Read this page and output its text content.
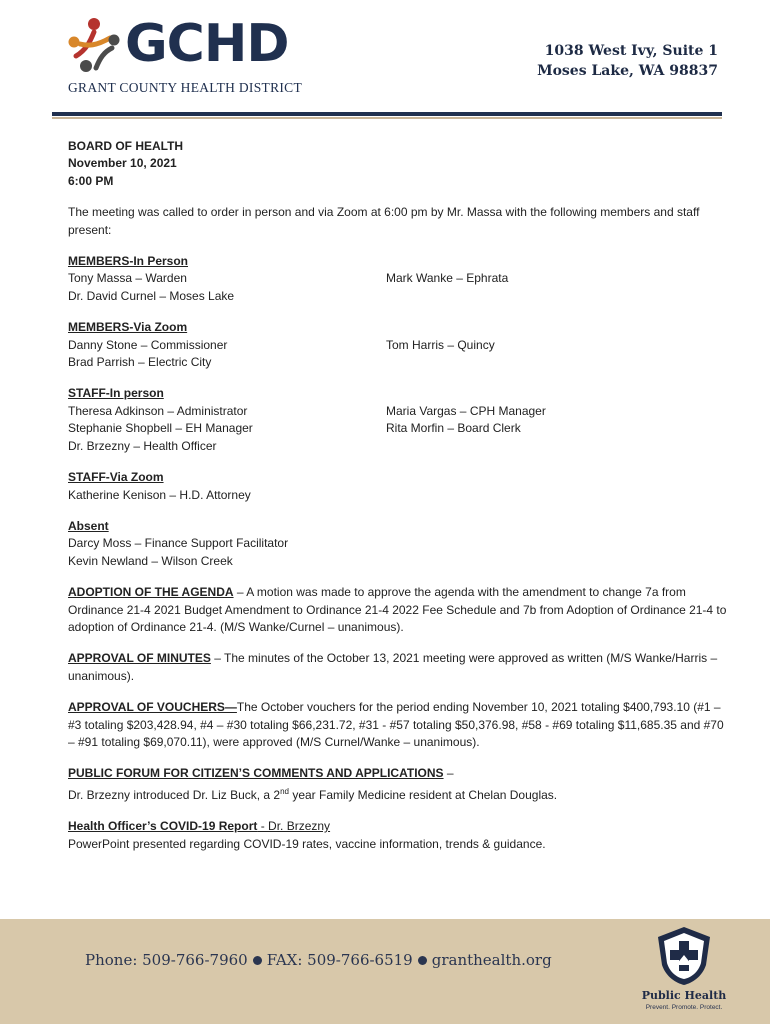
GCHD
GRANT COUNTY HEALTH DISTRICT
1038 West Ivy, Suite 1
Moses Lake, WA 98837
BOARD OF HEALTH
November 10, 2021
6:00 PM
The meeting was called to order in person and via Zoom at 6:00 pm by Mr. Massa with the following members and staff present:
MEMBERS-In Person
Tony Massa – Warden
Dr. David Curnel – Moses Lake
Mark Wanke – Ephrata
MEMBERS-Via Zoom
Danny Stone – Commissioner
Brad Parrish – Electric City
Tom Harris – Quincy
STAFF-In person
Theresa Adkinson – Administrator
Stephanie Shopbell – EH Manager
Dr. Brzezny – Health Officer
Maria Vargas – CPH Manager
Rita Morfin – Board Clerk
STAFF-Via Zoom
Katherine Kenison – H.D. Attorney
Absent
Darcy Moss – Finance Support Facilitator
Kevin Newland – Wilson Creek
ADOPTION OF THE AGENDA – A motion was made to approve the agenda with the amendment to change 7a from Ordinance 21-4 2021 Budget Amendment to Ordinance 21-4 2022 Fee Schedule and 7b from Adoption of Ordinance 21-4 to adoption of Ordinance 21-4. (M/S Wanke/Curnel – unanimous).
APPROVAL OF MINUTES – The minutes of the October 13, 2021 meeting were approved as written (M/S Wanke/Harris – unanimous).
APPROVAL OF VOUCHERS—The October vouchers for the period ending November 10, 2021 totaling $400,793.10 (#1 –#3 totaling $203,428.94, #4 – #30 totaling $66,231.72, #31 - #57 totaling $50,376.98, #58 - #69 totaling $11,685.35 and #70 – #91 totaling $69,070.11), were approved (M/S Curnel/Wanke – unanimous).
PUBLIC FORUM FOR CITIZEN’S COMMENTS AND APPLICATIONS –
Dr. Brzezny introduced Dr. Liz Buck, a 2nd year Family Medicine resident at Chelan Douglas.
Health Officer’s COVID-19 Report - Dr. Brzezny
PowerPoint presented regarding COVID-19 rates, vaccine information, trends & guidance.
Phone: 509-766-7960 FAX: 509-766-6519 granthealth.org
Public Health
Prevent. Promote. Protect.
